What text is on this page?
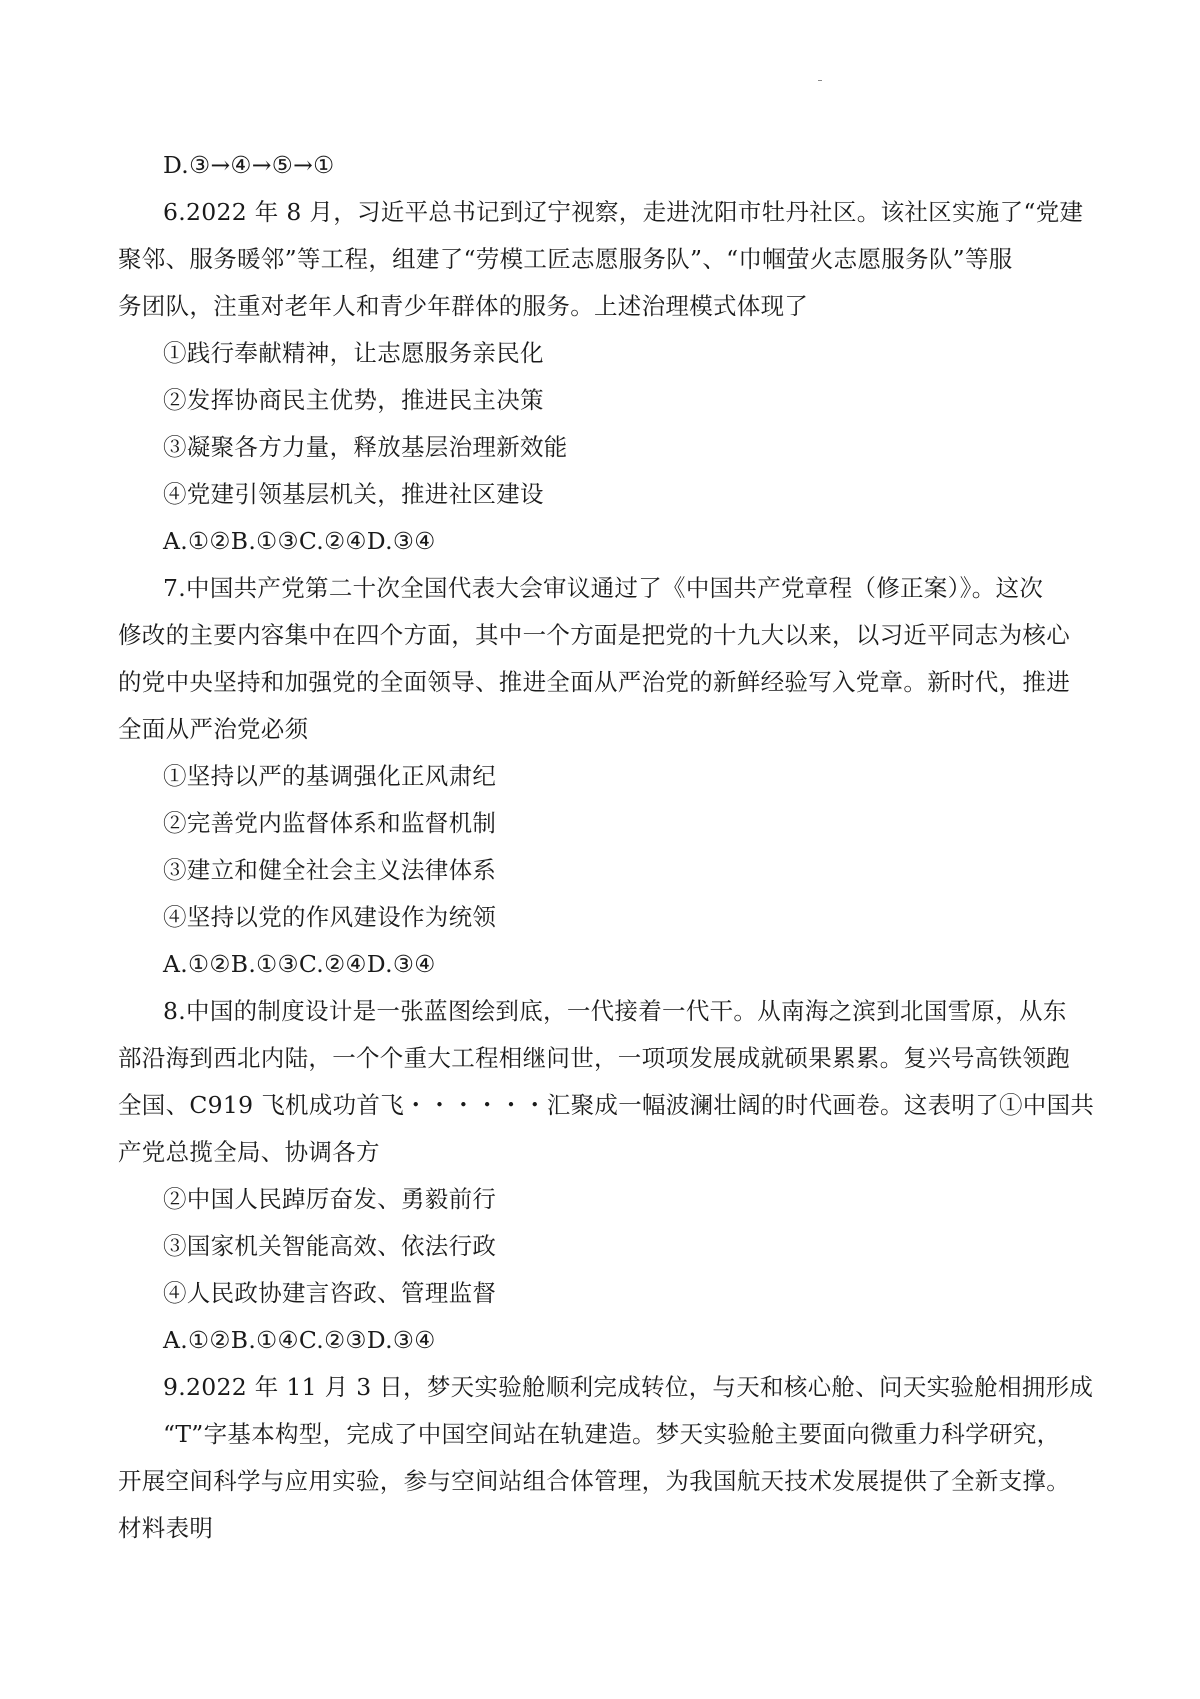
D.③→④→⑤→①
6.2022 年 8 月，习近平总书记到辽宁视察，走进沈阳市牡丹社区。该社区实施了“党建
聚邻、服务暖邻”等工程，组建了“劳模工匠志愿服务队”、“巾帼萤火志愿服务队”等服
务团队，注重对老年人和青少年群体的服务。上述治理模式体现了
①践行奉献精神，让志愿服务亲民化
②发挥协商民主优势，推进民主决策
③凝聚各方力量，释放基层治理新效能
④党建引领基层机关，推进社区建设
A.①②B.①③C.②④D.③④
7.中国共产党第二十次全国代表大会审议通过了《中国共产党章程（修正案）》。这次
修改的主要内容集中在四个方面，其中一个方面是把党的十九大以来，以习近平同志为核心
的党中央坚持和加强党的全面领导、推进全面从严治党的新鲜经验写入党章。新时代，推进
全面从严治党必须
①坚持以严的基调强化正风肃纪
②完善党内监督体系和监督机制
③建立和健全社会主义法律体系
④坚持以党的作风建设作为统领
A.①②B.①③C.②④D.③④
8.中国的制度设计是一张蓝图绘到底，一代接着一代干。从南海之滨到北国雪原，从东
部沿海到西北内陆，一个个重大工程相继问世，一项项发展成就硕果累累。复兴号高铁领跑
全国、C919 飞机成功首飞・・・・・・汇聚成一幅波澜壮阔的时代画卷。这表明了①中国共
产党总揽全局、协调各方
②中国人民踔厉奋发、勇毅前行
③国家机关智能高效、依法行政
④人民政协建言咨政、管理监督
A.①②B.①④C.②③D.③④
9.2022 年 11 月 3 日，梦天实验舱顺利完成转位，与天和核心舱、问天实验舱相拥形成
“T”字基本构型，完成了中国空间站在轨建造。梦天实验舱主要面向微重力科学研究，
开展空间科学与应用实验，参与空间站组合体管理，为我国航天技术发展提供了全新支撑。
材料表明
